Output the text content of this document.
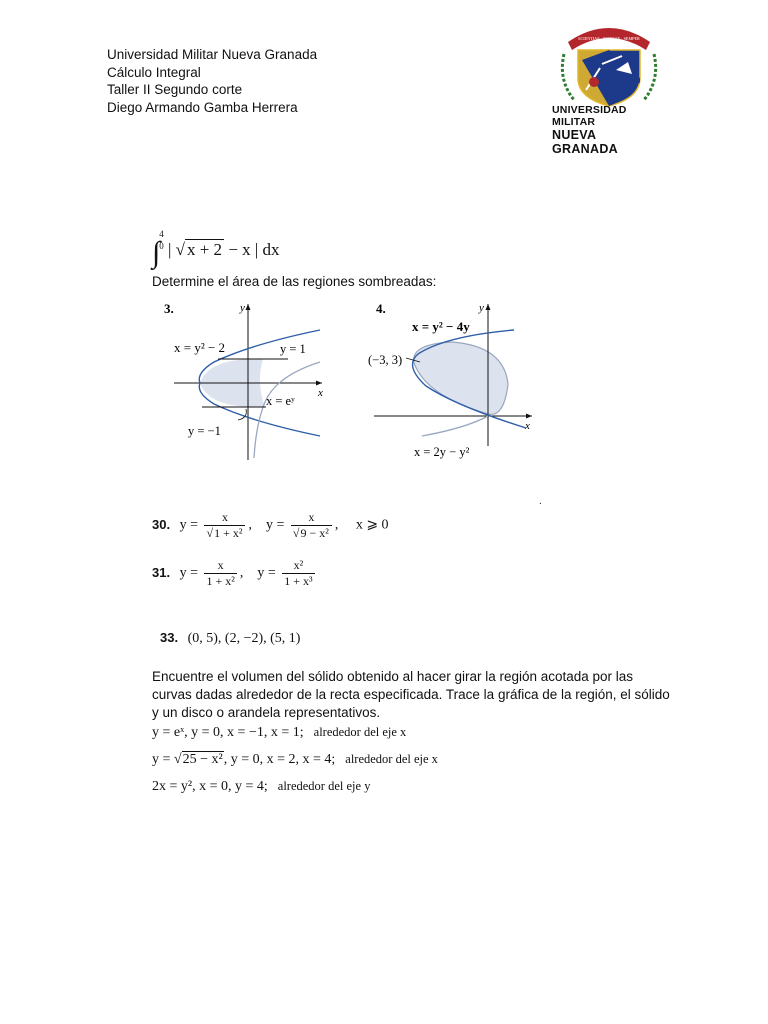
Universidad Militar Nueva Granada
Cálculo Integral
Taller II Segundo corte
Diego Armando Gamba Herrera
SCIENTIAE · PATRIAE · SEMPER
UNIVERSIDAD MILITAR
NUEVA GRANADA
∫4
0 | √ x + 2 − x | dx
Determine el área de las regiones sombreadas:
3.	y
x
x = y² − 2	y = 1
x = eʸ
y = −1
4.	y
x
x = y² − 4y
(−3, 3)
x = 2y − y²
.
30. $y = \frac{x}{\text{√1 + x²}}$ ,    $y = \frac{x}{\text{√9 − x²}}$ ,     x ⩾ 0
31. $y = \frac{x}{\text{1 + x²}}$ ,    $y = \frac{\text{x²}}{\text{1 + x³}}$
33. (0, 5), (2, −2), (5, 1)
Encuentre el volumen del sólido obtenido al hacer girar la región acotada por las curvas dadas alrededor de la recta especificada. Trace la gráfica de la región, el sólido y un disco o arandela representativos.
y = eˣ, y = 0, x = −1, x = 1; alrededor del eje x
y = √25 − x², y = 0, x = 2, x = 4; alrededor del eje x
2x = y², x = 0, y = 4; alrededor del eje y
